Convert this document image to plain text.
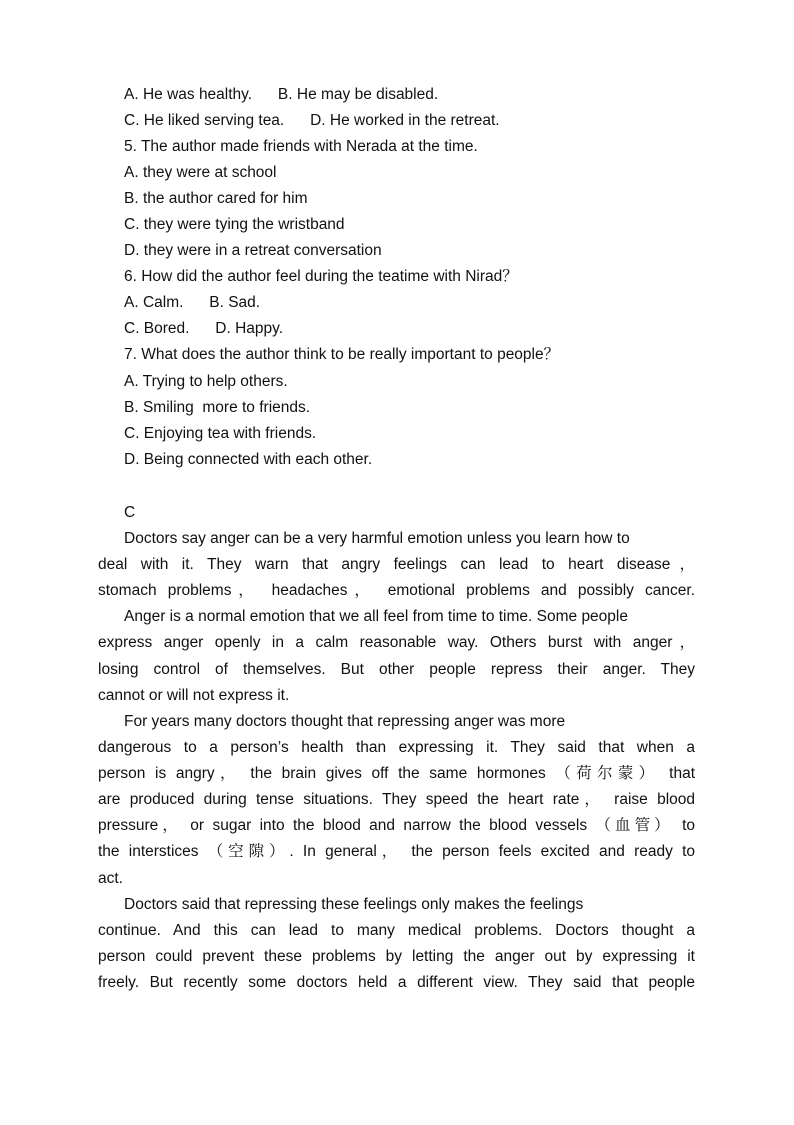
A. He was healthy.      B. He may be disabled.

C. He liked serving tea.      D. He worked in the retreat.

5. The author made friends with Nerada at the time.

A. they were at school

B. the author cared for him

C. they were tying the wristband

D. they were in a retreat conversation

6. How did the author feel during the teatime with Nirad？

A. Calm.      B. Sad.

C. Bored.      D. Happy.

7. What does the author think to be really important to people？

A. Trying to help others.

B. Smiling  more to friends.

C. Enjoying tea with friends.

D. Being connected with each other.

C

Doctors say anger can be a very harmful emotion unless you learn how to

deal with it. They warn that angry feelings can lead to heart disease，

stomach problems， headaches， emotional problems and possibly cancer.

Anger is a normal emotion that we all feel from time to time. Some people

express anger openly in a calm reasonable way. Others burst with anger，

losing control of themselves. But other people repress their anger. They

cannot or will not express it.

For years many doctors thought that repressing anger was more

dangerous to a person’s health than expressing it. They said that when a

person is angry， the brain gives off the same hormones （荷尔蒙） that

are produced during tense situations. They speed the heart rate， raise blood

pressure， or sugar into the blood and narrow the blood vessels （血管） to

the interstices （空隙）. In general， the person feels excited and ready to

act.

Doctors said that repressing these feelings only makes the feelings

continue. And this can lead to many medical problems. Doctors thought a

person could prevent these problems by letting the anger out by expressing it

freely. But recently some doctors held a different view. They said that people
